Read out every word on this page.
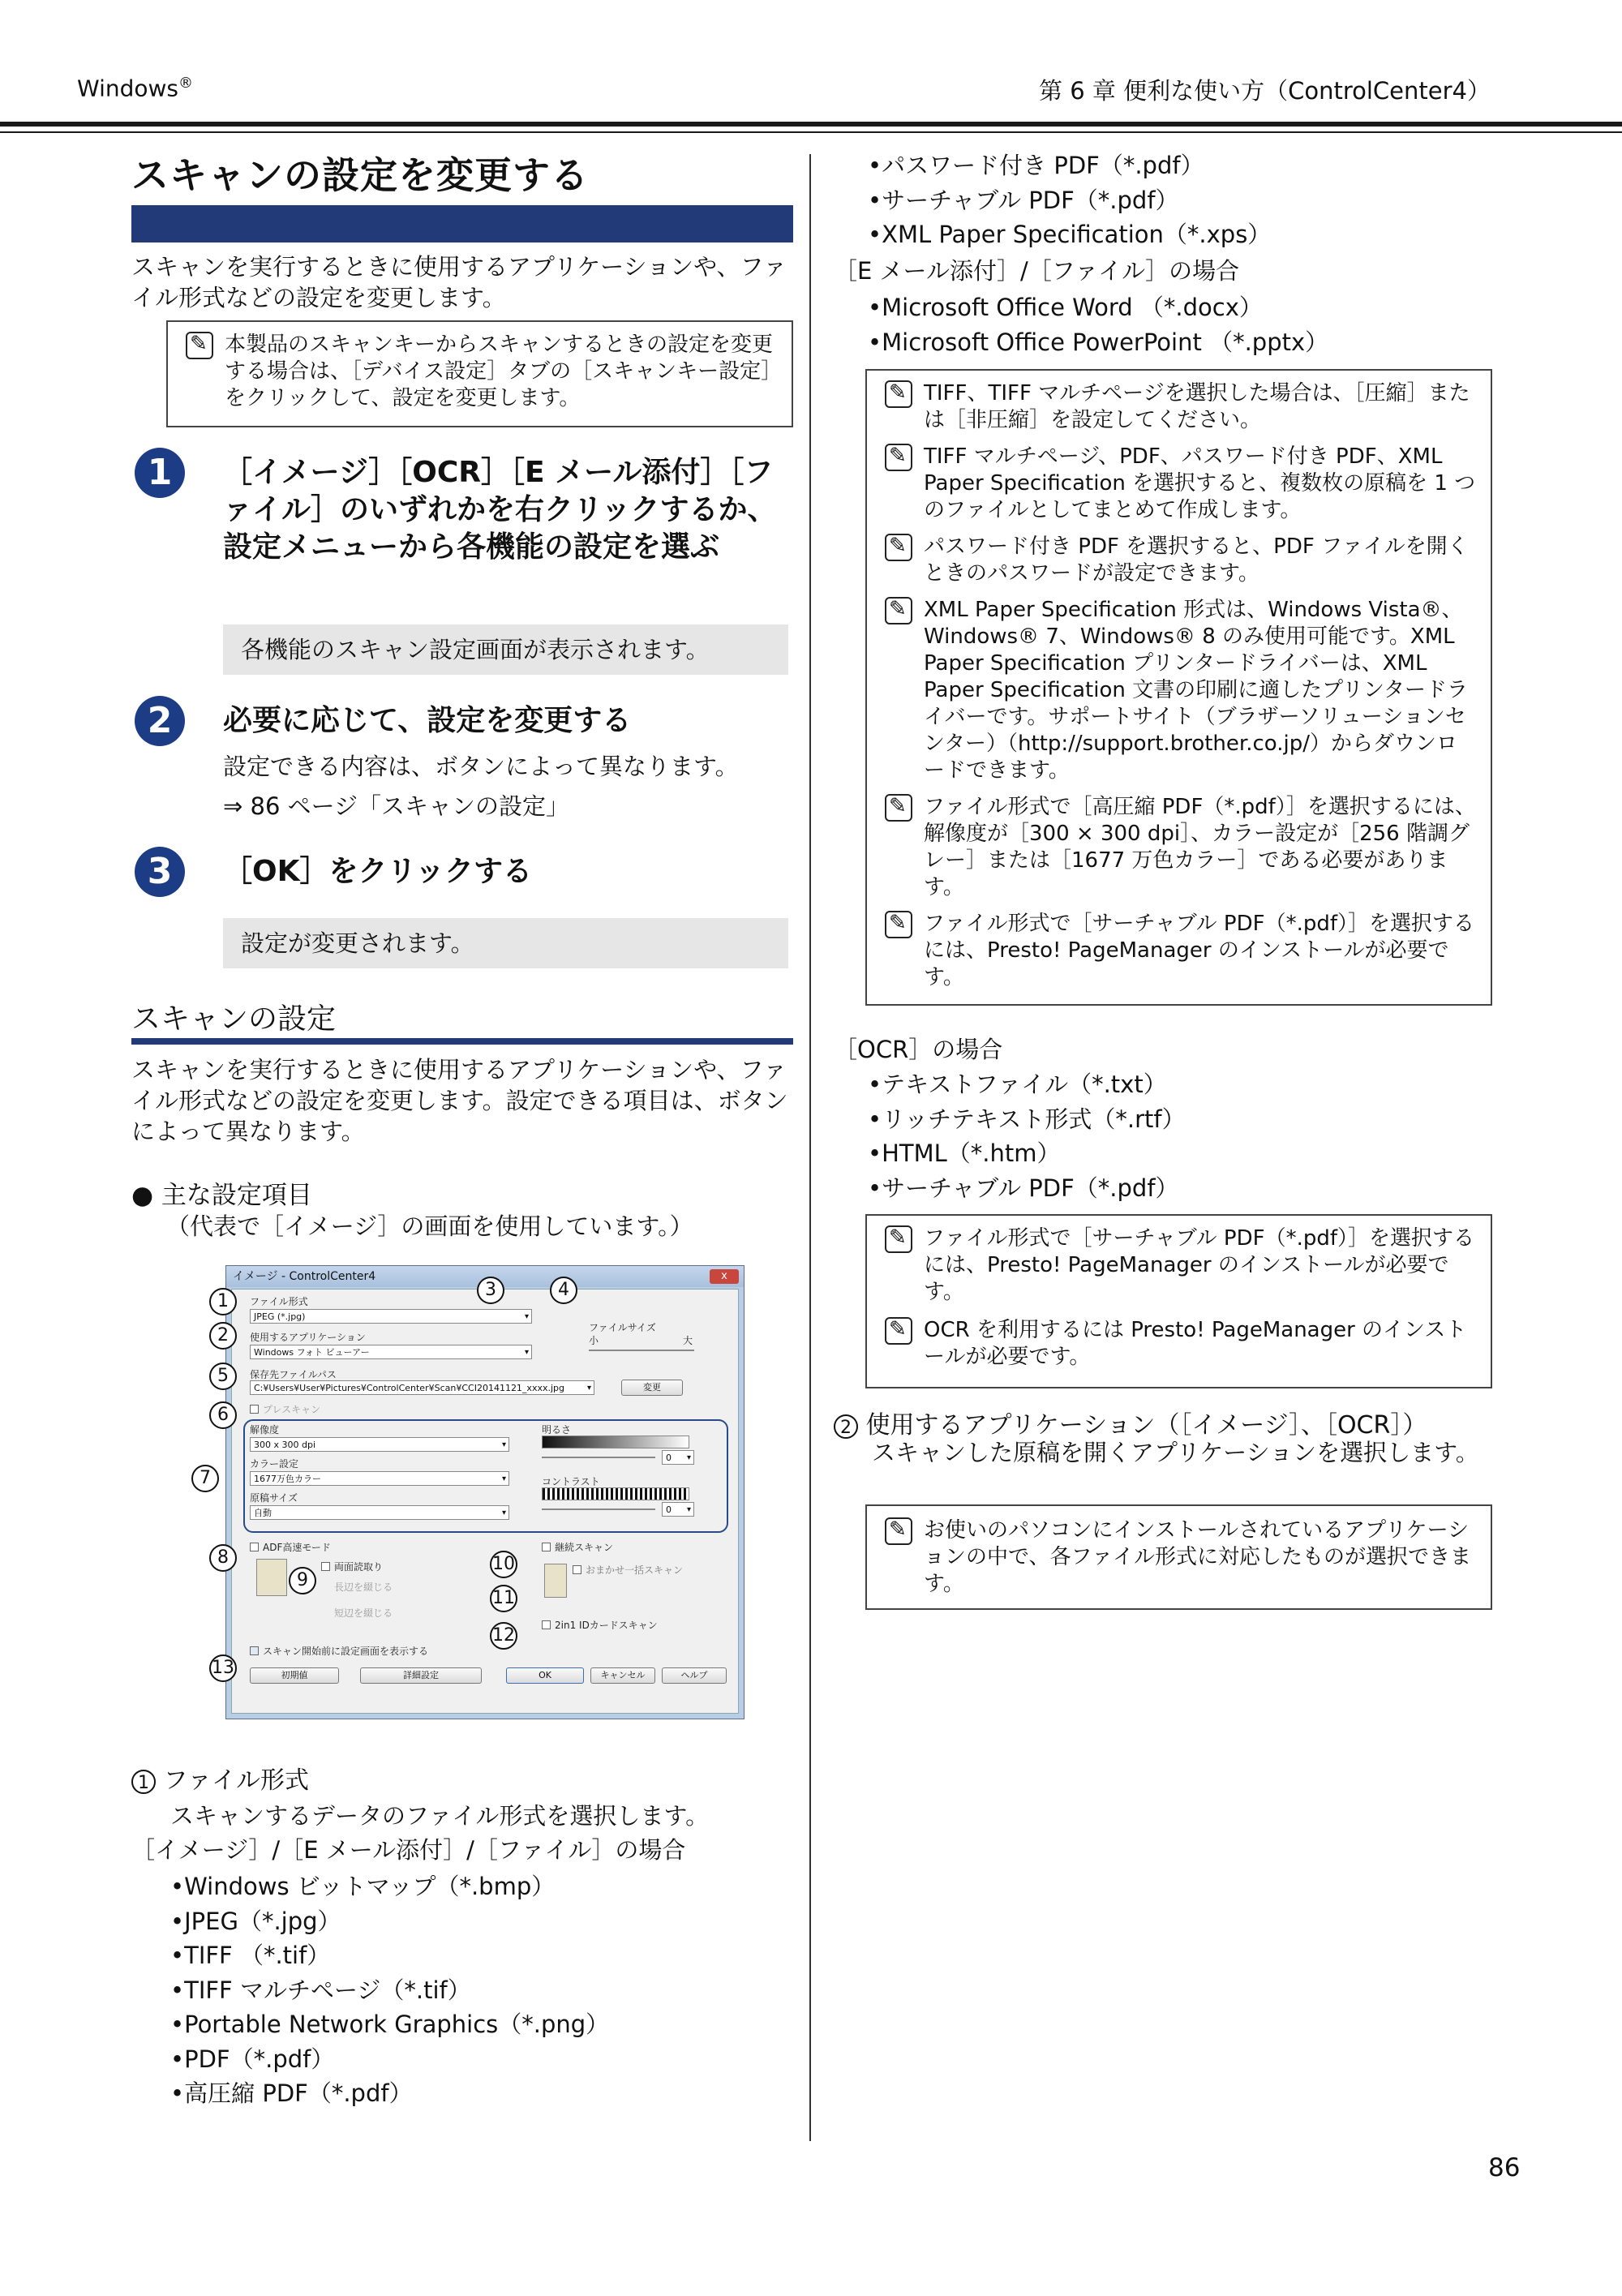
Windows®	第 6 章 便利な使い方（ControlCenter4）
スキャンの設定を変更する
スキャンを実行するときに使用するアプリケーションや、ファイル形式などの設定を変更します。
✎
本製品のスキャンキーからスキャンするときの設定を変更する場合は、［デバイス設定］タブの［スキャンキー設定］をクリックして、設定を変更します。
1	［イメージ］［OCR］［E メール添付］［ファイル］のいずれかを右クリックするか、設定メニューから各機能の設定を選ぶ
各機能のスキャン設定画面が表示されます。
2	必要に応じて、設定を変更する
設定できる内容は、ボタンによって異なります。
⇒ 86 ページ「スキャンの設定」
3	［OK］をクリックする
設定が変更されます。
スキャンの設定
スキャンを実行するときに使用するアプリケーションや、ファイル形式などの設定を変更します。設定できる項目は、ボタンによって異なります。
● 主な設定項目
（代表で［イメージ］の画面を使用しています。）
イメージ - ControlCenter4	x
ファイル形式
JPEG (*.jpg) ▾
使用するアプリケーション
Windows フォト ビューアー ▾
保存先ファイルパス
C:¥Users¥User¥Pictures¥ControlCenter¥Scan¥CCI20141121_xxxx.jpg ▾	変更
ファイルサイズ
小	大
プレスキャン
解像度
300 x 300 dpi ▾
カラー設定
1677万色カラー ▾
原稿サイズ
自動 ▾
明るさ
0 ▾
コントラスト
0 ▾
ADF高速モード
両面読取り
長辺を綴じる
短辺を綴じる
継続スキャン
おまかせ一括スキャン
2in1 IDカードスキャン
スキャン開始前に設定画面を表示する
初期値	詳細設定	OK	キャンセル	ヘルプ
1
2
3	4
5
6
7
8
9
10
11
12
13
1 ファイル形式
スキャンするデータのファイル形式を選択します。
［イメージ］/［E メール添付］/［ファイル］の場合
• Windows ビットマップ（*.bmp）
• JPEG（*.jpg）
• TIFF （*.tif）
• TIFF マルチページ（*.tif）
• Portable Network Graphics（*.png）
• PDF（*.pdf）
• 高圧縮 PDF（*.pdf）
• パスワード付き PDF（*.pdf）
• サーチャブル PDF（*.pdf）
• XML Paper Specification（*.xps）
［E メール添付］/［ファイル］の場合
• Microsoft Office Word （*.docx）
• Microsoft Office PowerPoint （*.pptx）
✎
TIFF、TIFF マルチページを選択した場合は、［圧縮］または［非圧縮］を設定してください。
✎
TIFF マルチページ、PDF、パスワード付き PDF、XML Paper Specification を選択すると、複数枚の原稿を 1 つのファイルとしてまとめて作成します。
✎
パスワード付き PDF を選択すると、PDF ファイルを開くときのパスワードが設定できます。
✎
XML Paper Specification 形式は、Windows Vista®、Windows® 7、Windows® 8 のみ使用可能です。XML Paper Specification プリンタードライバーは、XML Paper Specification 文書の印刷に適したプリンタードライバーです。サポートサイト（ブラザーソリューションセンター）（http://support.brother.co.jp/）からダウンロードできます。
✎
ファイル形式で［高圧縮 PDF（*.pdf）］を選択するには、解像度が［300 × 300 dpi］、カラー設定が［256 階調グレー］または［1677 万色カラー］である必要があります。
✎
ファイル形式で［サーチャブル PDF（*.pdf）］を選択するには、Presto! PageManager のインストールが必要です。
［OCR］の場合
• テキストファイル（*.txt）
• リッチテキスト形式（*.rtf）
• HTML（*.htm）
• サーチャブル PDF（*.pdf）
✎
ファイル形式で［サーチャブル PDF（*.pdf）］を選択するには、Presto! PageManager のインストールが必要です。
✎
OCR を利用するには Presto! PageManager のインストールが必要です。
2 使用するアプリケーション（［イメージ］、［OCR］）
スキャンした原稿を開くアプリケーションを選択します。
✎
お使いのパソコンにインストールされているアプリケーションの中で、各ファイル形式に対応したものが選択できます。
86
